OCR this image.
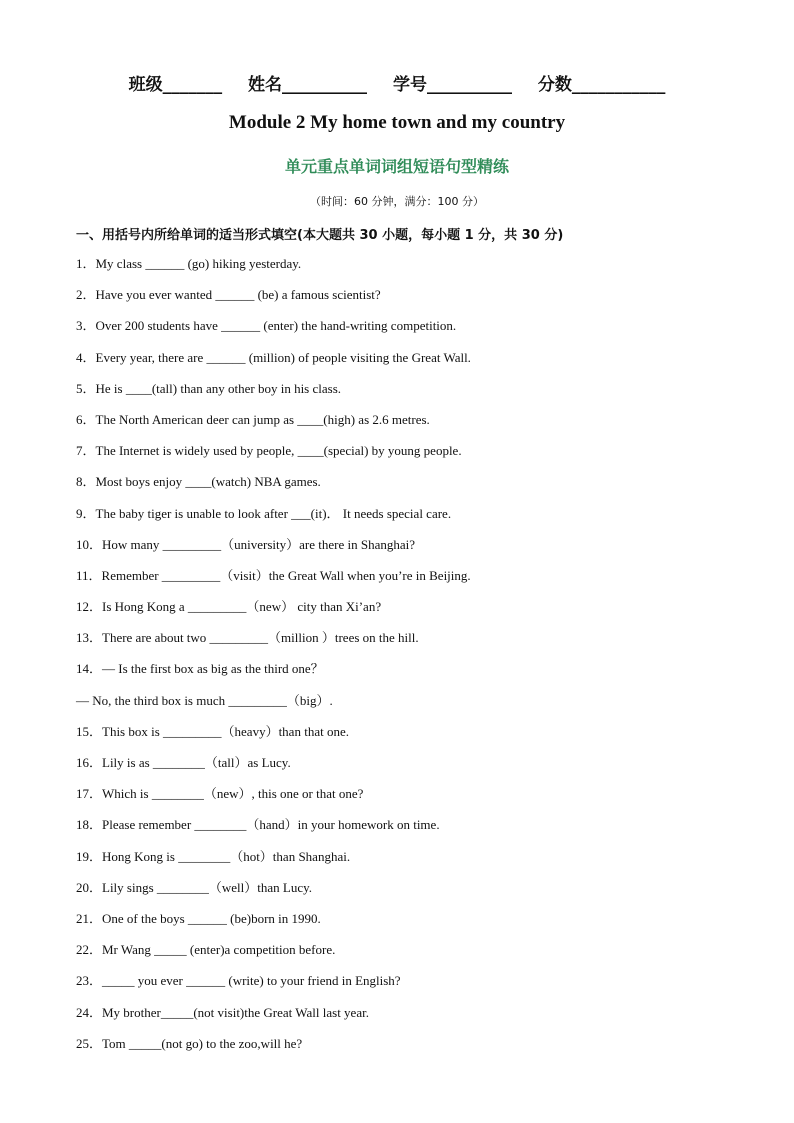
班级_______ 姓名__________ 学号__________ 分数___________
Module 2 My home town and my country
单元重点单词词组短语句型精练
（时间：60 分钟，满分：100 分）
一、用括号内所给单词的适当形式填空(本大题共 30 小题，每小题 1 分，共 30 分)
1．My class ______ (go) hiking yesterday.
2．Have you ever wanted ______ (be) a famous scientist?
3．Over 200 students have ______ (enter) the hand-writing competition.
4．Every year, there are ______ (million) of people visiting the Great Wall.
5．He is ____(tall) than any other boy in his class.
6．The North American deer can jump as ____(high) as 2.6 metres.
7．The Internet is widely used by people, ____(special) by young people.
8．Most boys enjoy ____(watch) NBA games.
9．The baby tiger is unable to look after ___(it)． It needs special care.
10．How many _________（university）are there in Shanghai?
11．Remember _________（visit）the Great Wall when you’re in Beijing.
12．Is Hong Kong a _________（new） city than Xi’an?
13．There are about two _________（million ）trees on the hill.
14．— Is the first box as big as the third one？
— No, the third box is much _________（big）.
15．This box is _________（heavy）than that one.
16．Lily is as ________（tall）as Lucy.
17．Which is ________（new）, this one or that one?
18．Please remember ________（hand）in your homework on time.
19．Hong Kong is ________（hot）than Shanghai.
20．Lily sings ________（well）than Lucy.
21．One of the boys ______ (be)born in 1990.
22．Mr Wang _____ (enter)a competition before.
23．_____ you ever ______ (write) to your friend in English?
24．My brother_____(not visit)the Great Wall last year.
25．Tom _____(not go) to the zoo,will he?
